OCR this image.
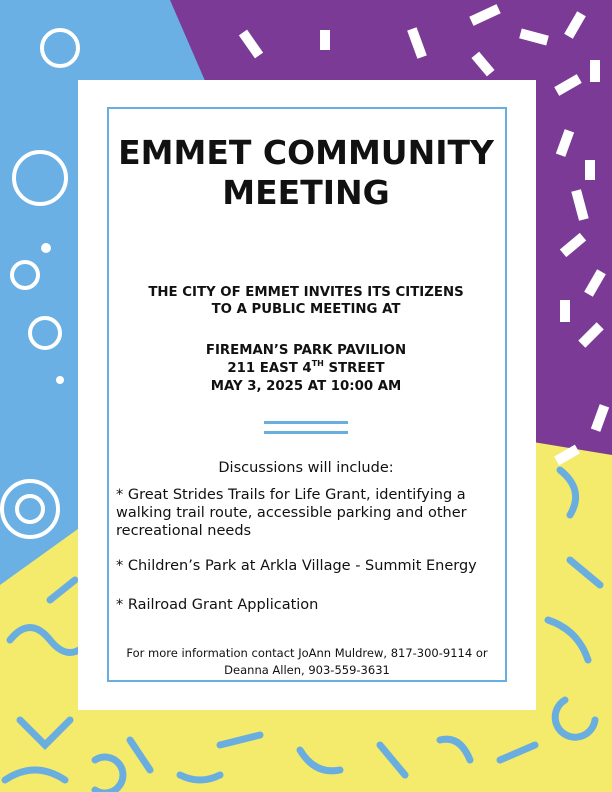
EMMET COMMUNITY
MEETING

THE CITY OF EMMET INVITES ITS CITIZENS
TO A PUBLIC MEETING AT

FIREMAN’S PARK PAVILION
211 EAST 4TH STREET
MAY 3, 2025 AT 10:00 AM

Discussions will include:

* Great Strides Trails for Life Grant, identifying a walking trail route, accessible parking and other recreational needs

* Children’s Park at Arkla Village - Summit Energy

* Railroad Grant Application

For more information contact JoAnn Muldrew, 817-300-9114 or
Deanna Allen, 903-559-3631
